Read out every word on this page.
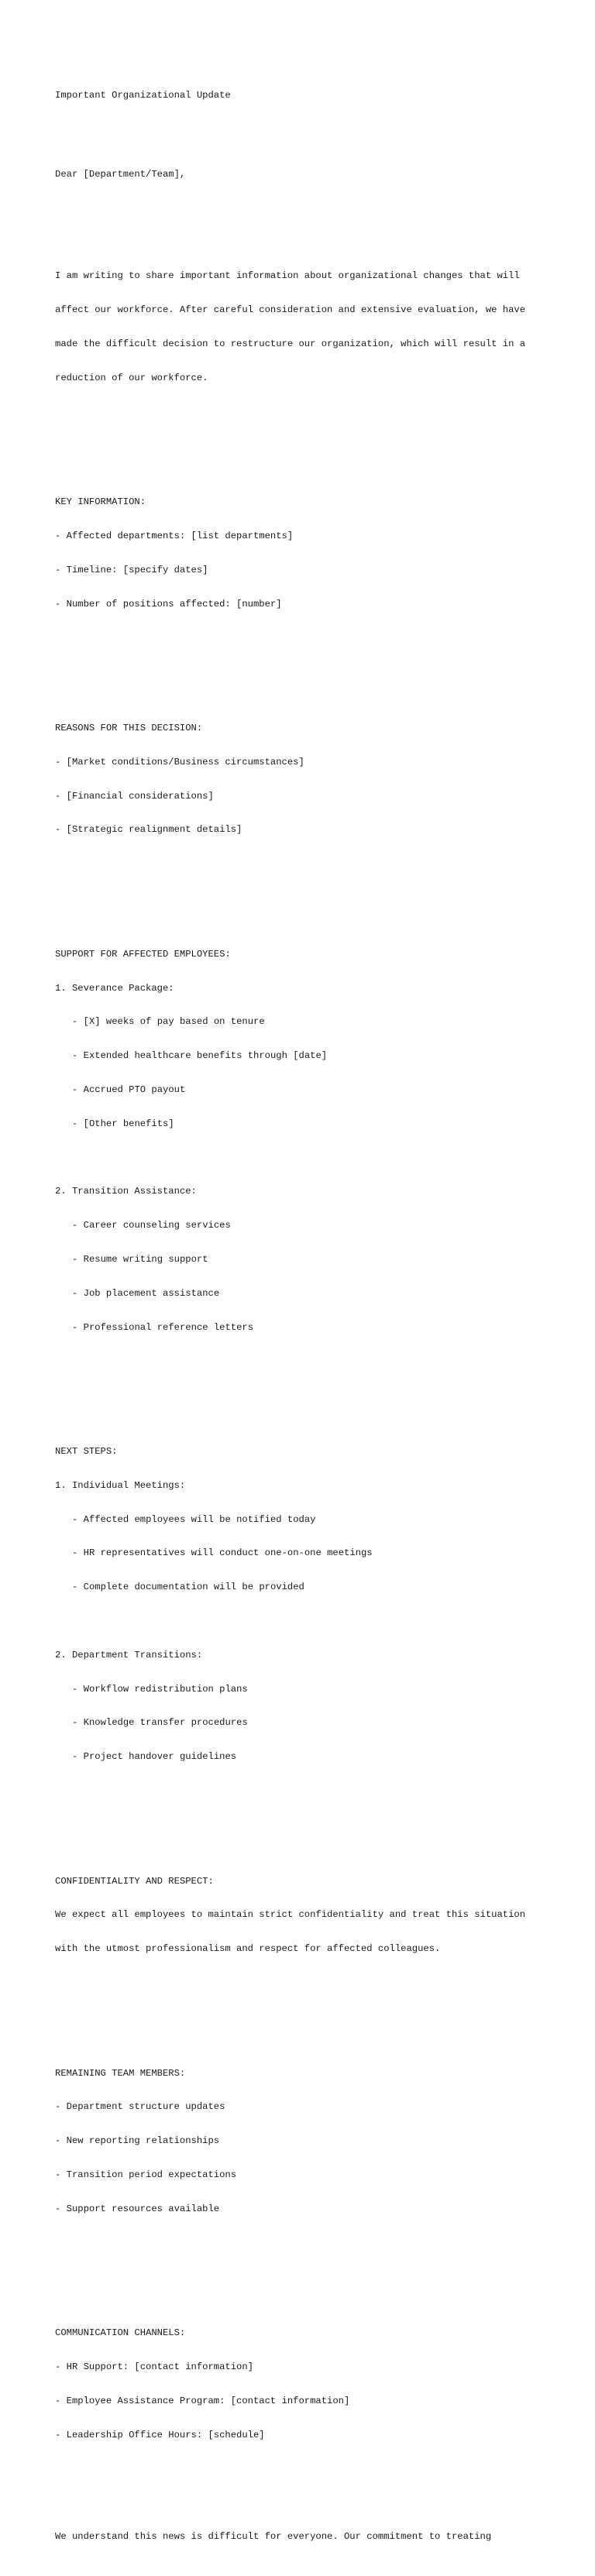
Important Organizational Update

Dear [Department/Team],

I am writing to share important information about organizational changes that will

affect our workforce. After careful consideration and extensive evaluation, we have

made the difficult decision to restructure our organization, which will result in a

reduction of our workforce.

KEY INFORMATION:

- Affected departments: [list departments]

- Timeline: [specify dates]

- Number of positions affected: [number]

REASONS FOR THIS DECISION:

- [Market conditions/Business circumstances]

- [Financial considerations]

- [Strategic realignment details]

SUPPORT FOR AFFECTED EMPLOYEES:

1. Severance Package:

- [X] weeks of pay based on tenure

- Extended healthcare benefits through [date]

- Accrued PTO payout

- [Other benefits]

2. Transition Assistance:

- Career counseling services

- Resume writing support

- Job placement assistance

- Professional reference letters

NEXT STEPS:

1. Individual Meetings:

- Affected employees will be notified today

- HR representatives will conduct one-on-one meetings

- Complete documentation will be provided

2. Department Transitions:

- Workflow redistribution plans

- Knowledge transfer procedures

- Project handover guidelines

CONFIDENTIALITY AND RESPECT:

We expect all employees to maintain strict confidentiality and treat this situation

with the utmost professionalism and respect for affected colleagues.

REMAINING TEAM MEMBERS:

- Department structure updates

- New reporting relationships

- Transition period expectations

- Support resources available

COMMUNICATION CHANNELS:

- HR Support: [contact information]

- Employee Assistance Program: [contact information]

- Leadership Office Hours: [schedule]

We understand this news is difficult for everyone. Our commitment to treating
